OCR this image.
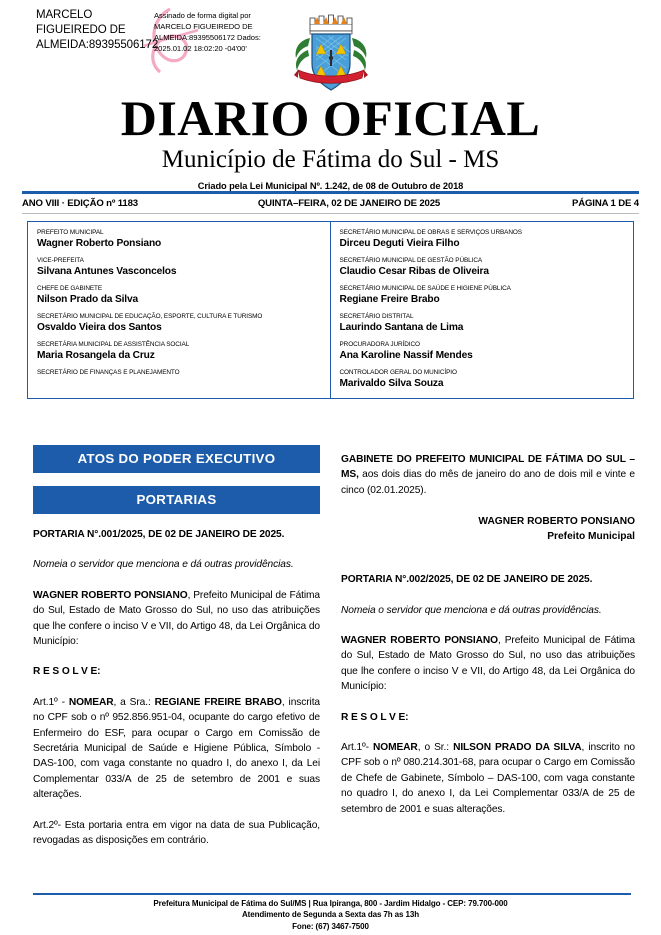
MARCELO FIGUEIREDO DE ALMEIDA:89395506172
Assinado de forma digital por MARCELO FIGUEIREDO DE ALMEIDA:89395506172 Dados: 2025.01.02 18:02:20 -04'00'
DIARIO OFICIAL
Município de Fátima do Sul - MS
Criado pela Lei Municipal Nº. 1.242, de 08 de Outubro de 2018
ANO VIII · EDIÇÃO nº 1183	QUINTA–FEIRA, 02 DE JANEIRO DE 2025	PÁGINA 1 DE 4
PREFEITO MUNICIPAL
Wagner Roberto Ponsiano
VICE-PREFEITA
Silvana Antunes Vasconcelos
CHEFE DE GABINETE
Nilson Prado da Silva
SECRETÁRIO MUNICIPAL DE EDUCAÇÃO, ESPORTE, CULTURA E TURISMO
Osvaldo Vieira dos Santos
SECRETÁRIA MUNICIPAL DE ASSISTÊNCIA SOCIAL
Maria Rosangela da Cruz
SECRETÁRIO DE FINANÇAS E PLANEJAMENTO
SECRETÁRIO MUNICIPAL DE OBRAS E SERVIÇOS URBANOS
Dirceu Deguti Vieira Filho
SECRETÁRIO MUNICIPAL DE GESTÃO PÚBLICA
Claudio Cesar Ribas de Oliveira
SECRETÁRIO MUNICIPAL DE SAÚDE E HIGIENE PÚBLICA
Regiane Freire Brabo
SECRETÁRIO DISTRITAL
Laurindo Santana de Lima
PROCURADORA JURÍDICO
Ana Karoline Nassif Mendes
CONTROLADOR GERAL DO MUNICÍPIO
Marivaldo Silva Souza
ATOS DO PODER EXECUTIVO
PORTARIAS

PORTARIA N°.001/2025, DE 02 DE JANEIRO DE 2025.

Nomeia o servidor que menciona e dá outras providências.

WAGNER ROBERTO PONSIANO, Prefeito Municipal de Fátima do Sul, Estado de Mato Grosso do Sul, no uso das atribuições que lhe confere o inciso V e VII, do Artigo 48, da Lei Orgânica do Município:

R E S O L V E:

Art.1º - NOMEAR, a Sra.: REGIANE FREIRE BRABO, inscrita no CPF sob o nº 952.856.951-04, ocupante do cargo efetivo de Enfermeiro do ESF, para ocupar o Cargo em Comissão de Secretária Municipal de Saúde e Higiene Pública, Símbolo - DAS-100, com vaga constante no quadro I, do anexo I, da Lei Complementar 033/A de 25 de setembro de 2001 e suas alterações.

Art.2º- Esta portaria entra em vigor na data de sua Publicação, revogadas as disposições em contrário.

GABINETE DO PREFEITO MUNICIPAL DE FÁTIMA DO SUL – MS, aos dois dias do mês de janeiro do ano de dois mil e vinte e cinco (02.01.2025).

WAGNER ROBERTO PONSIANO
Prefeito Municipal

PORTARIA N°.002/2025, DE 02 DE JANEIRO DE 2025.

Nomeia o servidor que menciona e dá outras providências.

WAGNER ROBERTO PONSIANO, Prefeito Municipal de Fátima do Sul, Estado de Mato Grosso do Sul, no uso das atribuições que lhe confere o inciso V e VII, do Artigo 48, da Lei Orgânica do Município:

R E S O L V E:

Art.1º- NOMEAR, o Sr.: NILSON PRADO DA SILVA, inscrito no CPF sob o nº 080.214.301-68, para ocupar o Cargo em Comissão de Chefe de Gabinete, Símbolo – DAS-100, com vaga constante no quadro I, do anexo I, da Lei Complementar 033/A de 25 de setembro de 2001 e suas alterações.

Prefeitura Municipal de Fátima do Sul/MS | Rua Ipiranga, 800 - Jardim Hidalgo - CEP: 79.700-000
Atendimento de Segunda a Sexta das 7h as 13h
Fone: (67) 3467-7500
